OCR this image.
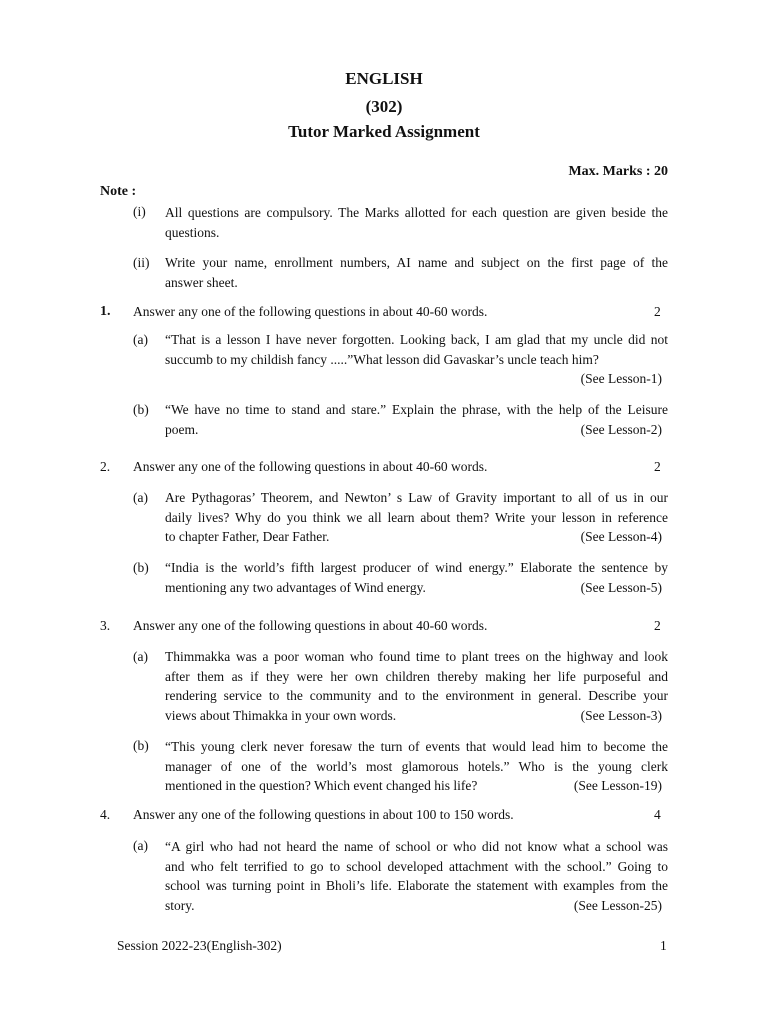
ENGLISH
(302)
Tutor Marked Assignment
Max. Marks : 20
Note :
(i) All questions are compulsory. The Marks allotted for each question are given beside the
questions.
(ii) Write your name, enrollment numbers, AI name and subject on the first page of the
answer sheet.
1. Answer any one of the following questions in about 40-60 words.	2
(a) “That is a lesson I have never forgotten. Looking back, I am glad that my uncle did not
succumb to my childish fancy .....”What lesson did Gavaskar’s uncle teach him?
(See Lesson-1)
(b) “We have no time to stand and stare.” Explain the phrase, with the help of the Leisure
poem.	(See Lesson-2)
2. Answer any one of the following questions in about 40-60 words.	2
(a) Are Pythagoras’ Theorem, and Newton’ s Law of Gravity important to all of us in our
daily lives? Why do you think we all learn about them? Write your lesson in reference
to chapter Father, Dear Father.	(See Lesson-4)
(b) “India is the world’s fifth largest producer of wind energy.” Elaborate the sentence by
mentioning any two advantages of Wind energy.	(See Lesson-5)
3. Answer any one of the following questions in about 40-60 words.	2
(a) Thimmakka was a poor woman who found time to plant trees on the highway and look
after them as if they were her own children thereby making her life purposeful and
rendering service to the community and to the environment in general. Describe your
views about Thimakka in your own words.	(See Lesson-3)
(b) “This young clerk never foresaw the turn of events that would lead him to become the
manager of one of the world’s most glamorous hotels.” Who is the young clerk
mentioned in the question? Which event changed his life?	(See Lesson-19)
4. Answer any one of the following questions in about 100 to 150 words.	4
(a) “A girl who had not heard the name of school or who did not know what a school was
and who felt terrified to go to school developed attachment with the school.” Going to
school was turning point in Bholi’s life. Elaborate the statement with examples from the
story.	(See Lesson-25)
Session 2022-23(English-302)	1
